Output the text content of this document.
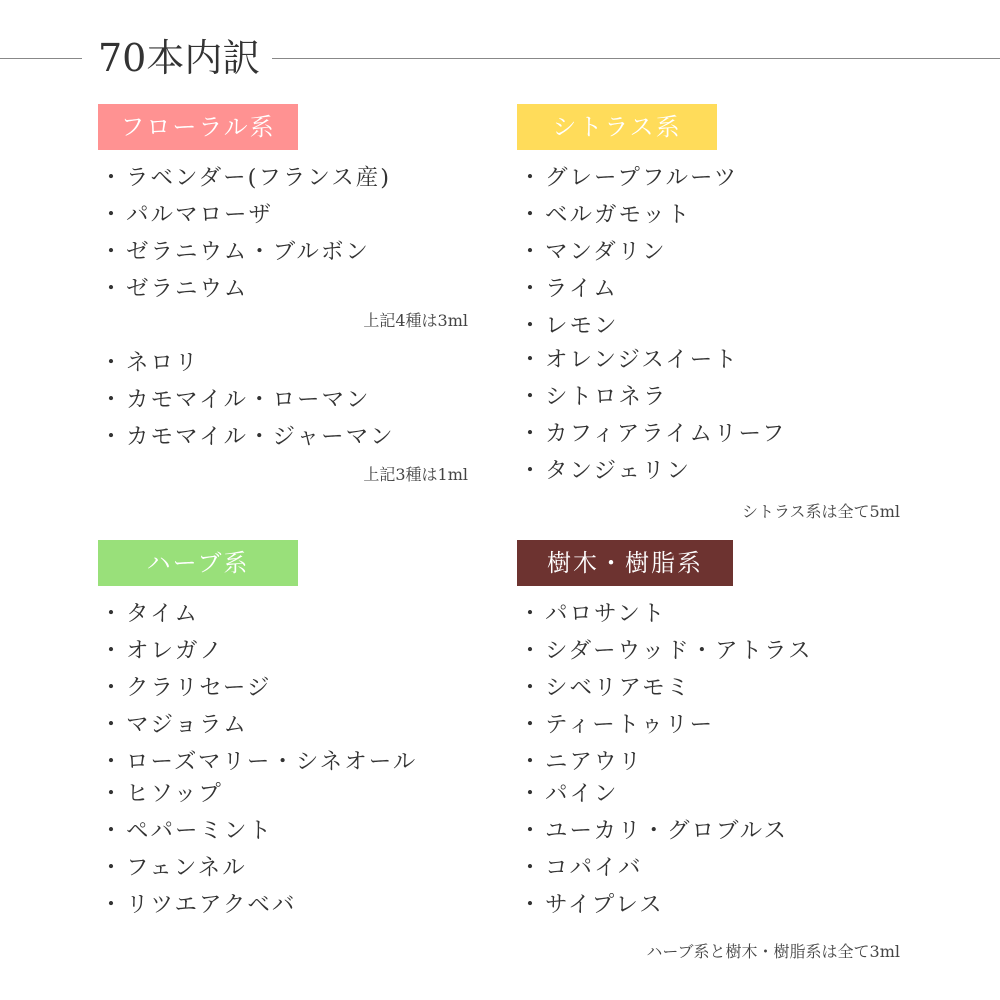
70本内訳
フローラル系
・ラベンダー(フランス産)
・パルマローザ
・ゼラニウム・ブルボン
・ゼラニウム
上記4種は3ml
・ネロリ
・カモマイル・ローマン
・カモマイル・ジャーマン
上記3種は1ml
シトラス系
・グレープフルーツ
・ベルガモット
・マンダリン
・ライム
・レモン
・オレンジスイート
・シトロネラ
・カフィアライムリーフ
・タンジェリン
シトラス系は全て5ml
ハーブ系
・タイム
・オレガノ
・クラリセージ
・マジョラム
・ローズマリー・シネオール
・ヒソップ
・ペパーミント
・フェンネル
・リツエアクベバ
樹木・樹脂系
・パロサント
・シダーウッド・アトラス
・シベリアモミ
・ティートゥリー
・ニアウリ
・パイン
・ユーカリ・グロブルス
・コパイバ
・サイプレス
ハーブ系と樹木・樹脂系は全て3ml
